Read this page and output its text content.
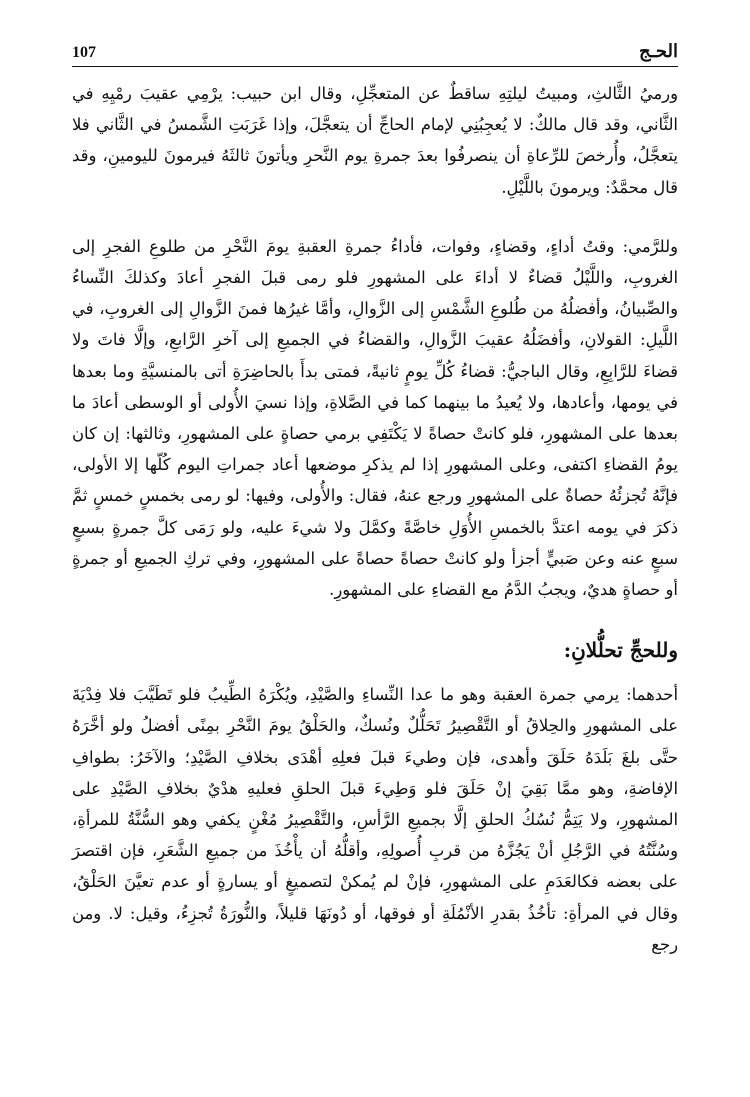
107	الحـج

ورميُ الثَّالثِ، ومبيتُ ليلتِهِ ساقطٌ عن المتعجِّلِ، وقال ابن حبيب: يرْمِي عقيبَ رمْيِهِ في الثَّاني، وقد قال مالكٌ: لا يُعجِبُنِي لإمام الحاجِّ أن يتعجَّلَ، وإذا غَرَبَتِ الشَّمسُ في الثَّاني فلا يتعجَّلُ، وأُرخصَ للرِّعاةِ أن ينصرفُوا بعدَ جمرةِ يوم النَّحرِ ويأتونَ ثالثَهُ فيرمونَ لليومينِ، وقد قال محمَّدٌ: ويرمونَ باللَّيْلِ.

وللرَّمي: وقتُ أداءٍ، وقضاءٍ، وفوات، فأداءُ جمرةِ العقبةِ يومَ النَّحْرِ من طلوعِ الفجرِ إلى الغروبِ، واللَّيْلُ قضاءٌ لا أداءَ على المشهورِ فلو رمى قبلَ الفجرِ أعادَ وكذلكَ النِّساءُ والصِّبيانُ، وأفضلُهُ من طُلوعِ الشَّمْسِ إلى الزَّوالِ، وأمَّا غيرُها فمنَ الزَّوالِ إلى الغروبِ، في اللَّيلِ: القولانِ، وأفضَلُهُ عقيبَ الزَّوالِ، والقضاءُ في الجميعِ إلى آخرِ الرَّابعِ، وإلَّا فاتَ ولا قضاءَ للرَّابِعِ، وقال الباجيُّ: قضاءُ كُلِّ يومٍ ثانيةً، فمتى بدأَ بالحاضِرَةِ أتى بالمنسيَّةِ وما بعدها في يومها، وأعادها، ولا يُعيدُ ما بينهما كما في الصَّلاةِ، وإذا نسيَ الأُولى أو الوسطى أعادَ ما بعدها على المشهورِ، فلو كانتْ حصاةً لا يَكْتَفِي برمي حصاةٍ على المشهورِ، وثالثها: إن كان يومُ القضاءِ اكتفى، وعلى المشهورِ إذا لم يذكرِ موضعها أعاد جمراتِ اليوم كُلّها إلا الأولى، فإنَّهُ تُجزئُهُ حصاةٌ على المشهورِ ورجع عنهُ، فقال: والأُولى، وفيها: لو رمى بخمسٍ خمسٍ ثمَّ ذكرَ في يومه اعتدَّ بالخمسِ الأُوَلِ خاصَّةً وكمَّلَ ولا شيءَ عليه، ولو رَمَى كلَّ جمرةٍ بسبعٍ سبعٍ عنه وعن صَبيٍّ أجزأ ولو كانتْ حصاةً حصاةً على المشهورِ، وفي تركِ الجميعِ أو جمرةٍ أو حصاةٍ هديٌ، ويجبُ الدَّمُ مع القضاءِ على المشهورِ.

وللحجِّ تحلُّلانِ:

أحدهما: يرمي جمرة العقبة وهو ما عدا النِّساءِ والصَّيْدِ، ويُكْرَهُ الطِّيبُ فلو تَطَيَّبَ فلا فِدْيَةَ على المشهورِ والحِلاقُ أو التَّقْصِيرُ تَحَلُّلٌ ونُسكٌ، والحَلْقُ يومَ النَّحْرِ بمِنًى أفضلُ ولو أخَّرَهُ حتَّى بلغَ بَلَدَهُ حَلَقَ وأهدى، فإن وطيءَ قبلَ فعلِهِ أهْدَى بخلافِ الصَّيْدِ؛ والآخَرُ: بطوافِ الإفاضةِ، وهو ممَّا بَقِيَ إنْ حَلَقَ فلو وَطِيءَ قبلَ الحلقِ فعليهِ هدْيٌ بخلافِ الصَّيْدِ على المشهورِ، ولا يَتِمُّ نُسُكُ الحلقِ إلَّا بجميعِ الرَّأسِ، والتَّقْصِيرُ مُغْنٍ يكفي وهو السُّنَّةُ للمرأةِ، وسُنَّتُهُ في الرَّجُلِ أنْ يَجُزَّهُ من قربِ أُصولِهِ، وأقلُّهُ أن يأْخُذَ من جميعِ الشَّعَرِ، فإن اقتصرَ على بعضه فكالعَدَمِ على المشهورِ، فإنْ لم يُمكنْ لتصميغٍ أو يسارةٍ أو عدم تعيَّنَ الحَلْقُ، وقال في المرأةِ: تأخُذُ بقدرِ الأنْمُلَةِ أو فوقها، أو دُونَهَا قليلاً، والنُّورَةُ تُجزِءُ، وقيل: لا. ومن رجع
